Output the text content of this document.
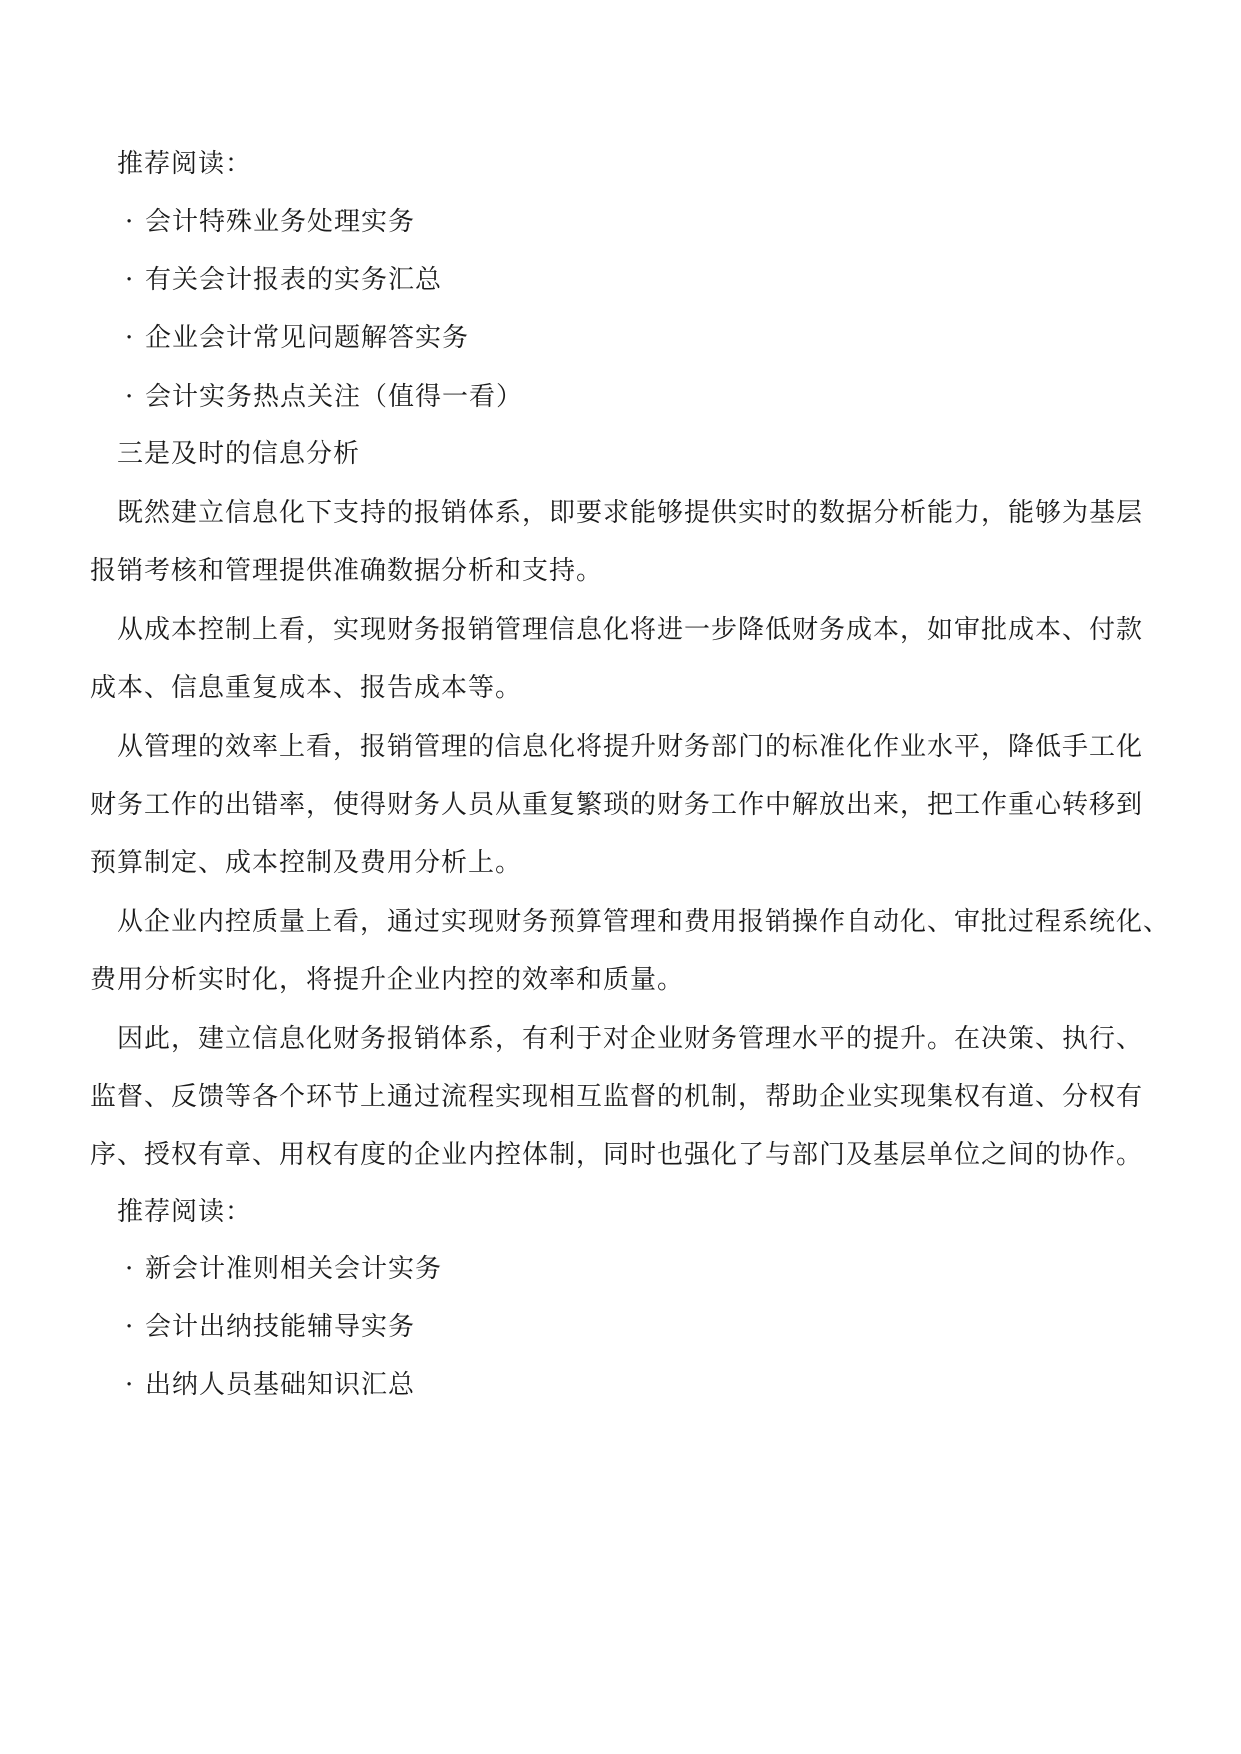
推荐阅读：
· 会计特殊业务处理实务
· 有关会计报表的实务汇总
· 企业会计常见问题解答实务
· 会计实务热点关注（值得一看）
三是及时的信息分析
既然建立信息化下支持的报销体系，即要求能够提供实时的数据分析能力，能够为基层
报销考核和管理提供准确数据分析和支持。
从成本控制上看，实现财务报销管理信息化将进一步降低财务成本，如审批成本、付款
成本、信息重复成本、报告成本等。
从管理的效率上看，报销管理的信息化将提升财务部门的标准化作业水平，降低手工化
财务工作的出错率，使得财务人员从重复繁琐的财务工作中解放出来，把工作重心转移到
预算制定、成本控制及费用分析上。
从企业内控质量上看，通过实现财务预算管理和费用报销操作自动化、审批过程系统化、
费用分析实时化，将提升企业内控的效率和质量。
因此，建立信息化财务报销体系，有利于对企业财务管理水平的提升。在决策、执行、
监督、反馈等各个环节上通过流程实现相互监督的机制，帮助企业实现集权有道、分权有
序、授权有章、用权有度的企业内控体制，同时也强化了与部门及基层单位之间的协作。
推荐阅读：
· 新会计准则相关会计实务
· 会计出纳技能辅导实务
· 出纳人员基础知识汇总
